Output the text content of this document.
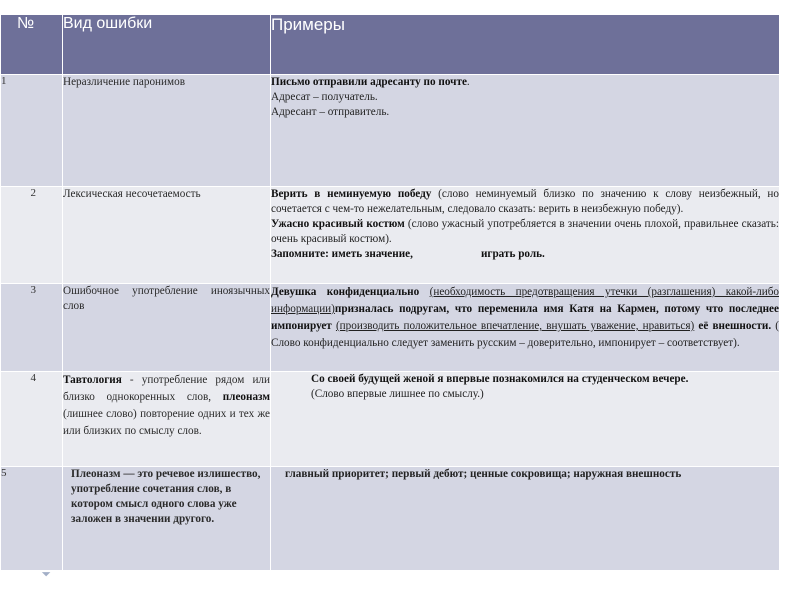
№	Вид ошибки	Примеры
1	Неразличение паронимов	Письмо отправили адресанту по почте.

Адресат – получатель.

Адресант – отправитель.

2	Лексическая несочетаемость	Верить в неминуемую победу (слово неминуемый близко по значению к слову неизбежный, но сочетается с чем-то нежелательным, следовало сказать: верить в неизбежную победу).

Ужасно красивый костюм (слово ужасный употребляется в значении очень плохой, правильнее сказать: очень красивый костюм).

Запомните: иметь значение, играть роль.

3	Ошибочное употребление иноязычных слов	Девушка конфиденциально (необходимость предотвращения утечки (разглашения) какой-либо информации)призналась подругам, что переменила имя Катя на Кармен, потому что последнее импонирует (производить положительное впечатление, внушать уважение, нравиться) её внешности. ( Слово конфиденциально следует заменить русским – доверительно, импонирует – соответствует).
4	Тавтология - употребление рядом или близко однокоренных слов, плеоназм (лишнее слово) повторение одних и тех же или близких по смыслу слов.	Со своей будущей женой я впервые познакомился на студенческом вечере.

(Слово впервые лишнее по смыслу.)

5	Плеоназм — это речевое излишество, употребление сочетания слов, в котором смысл одного слова уже заложен в значении другого.	главный приоритет; первый дебют; ценные сокровища; наружная внешность
